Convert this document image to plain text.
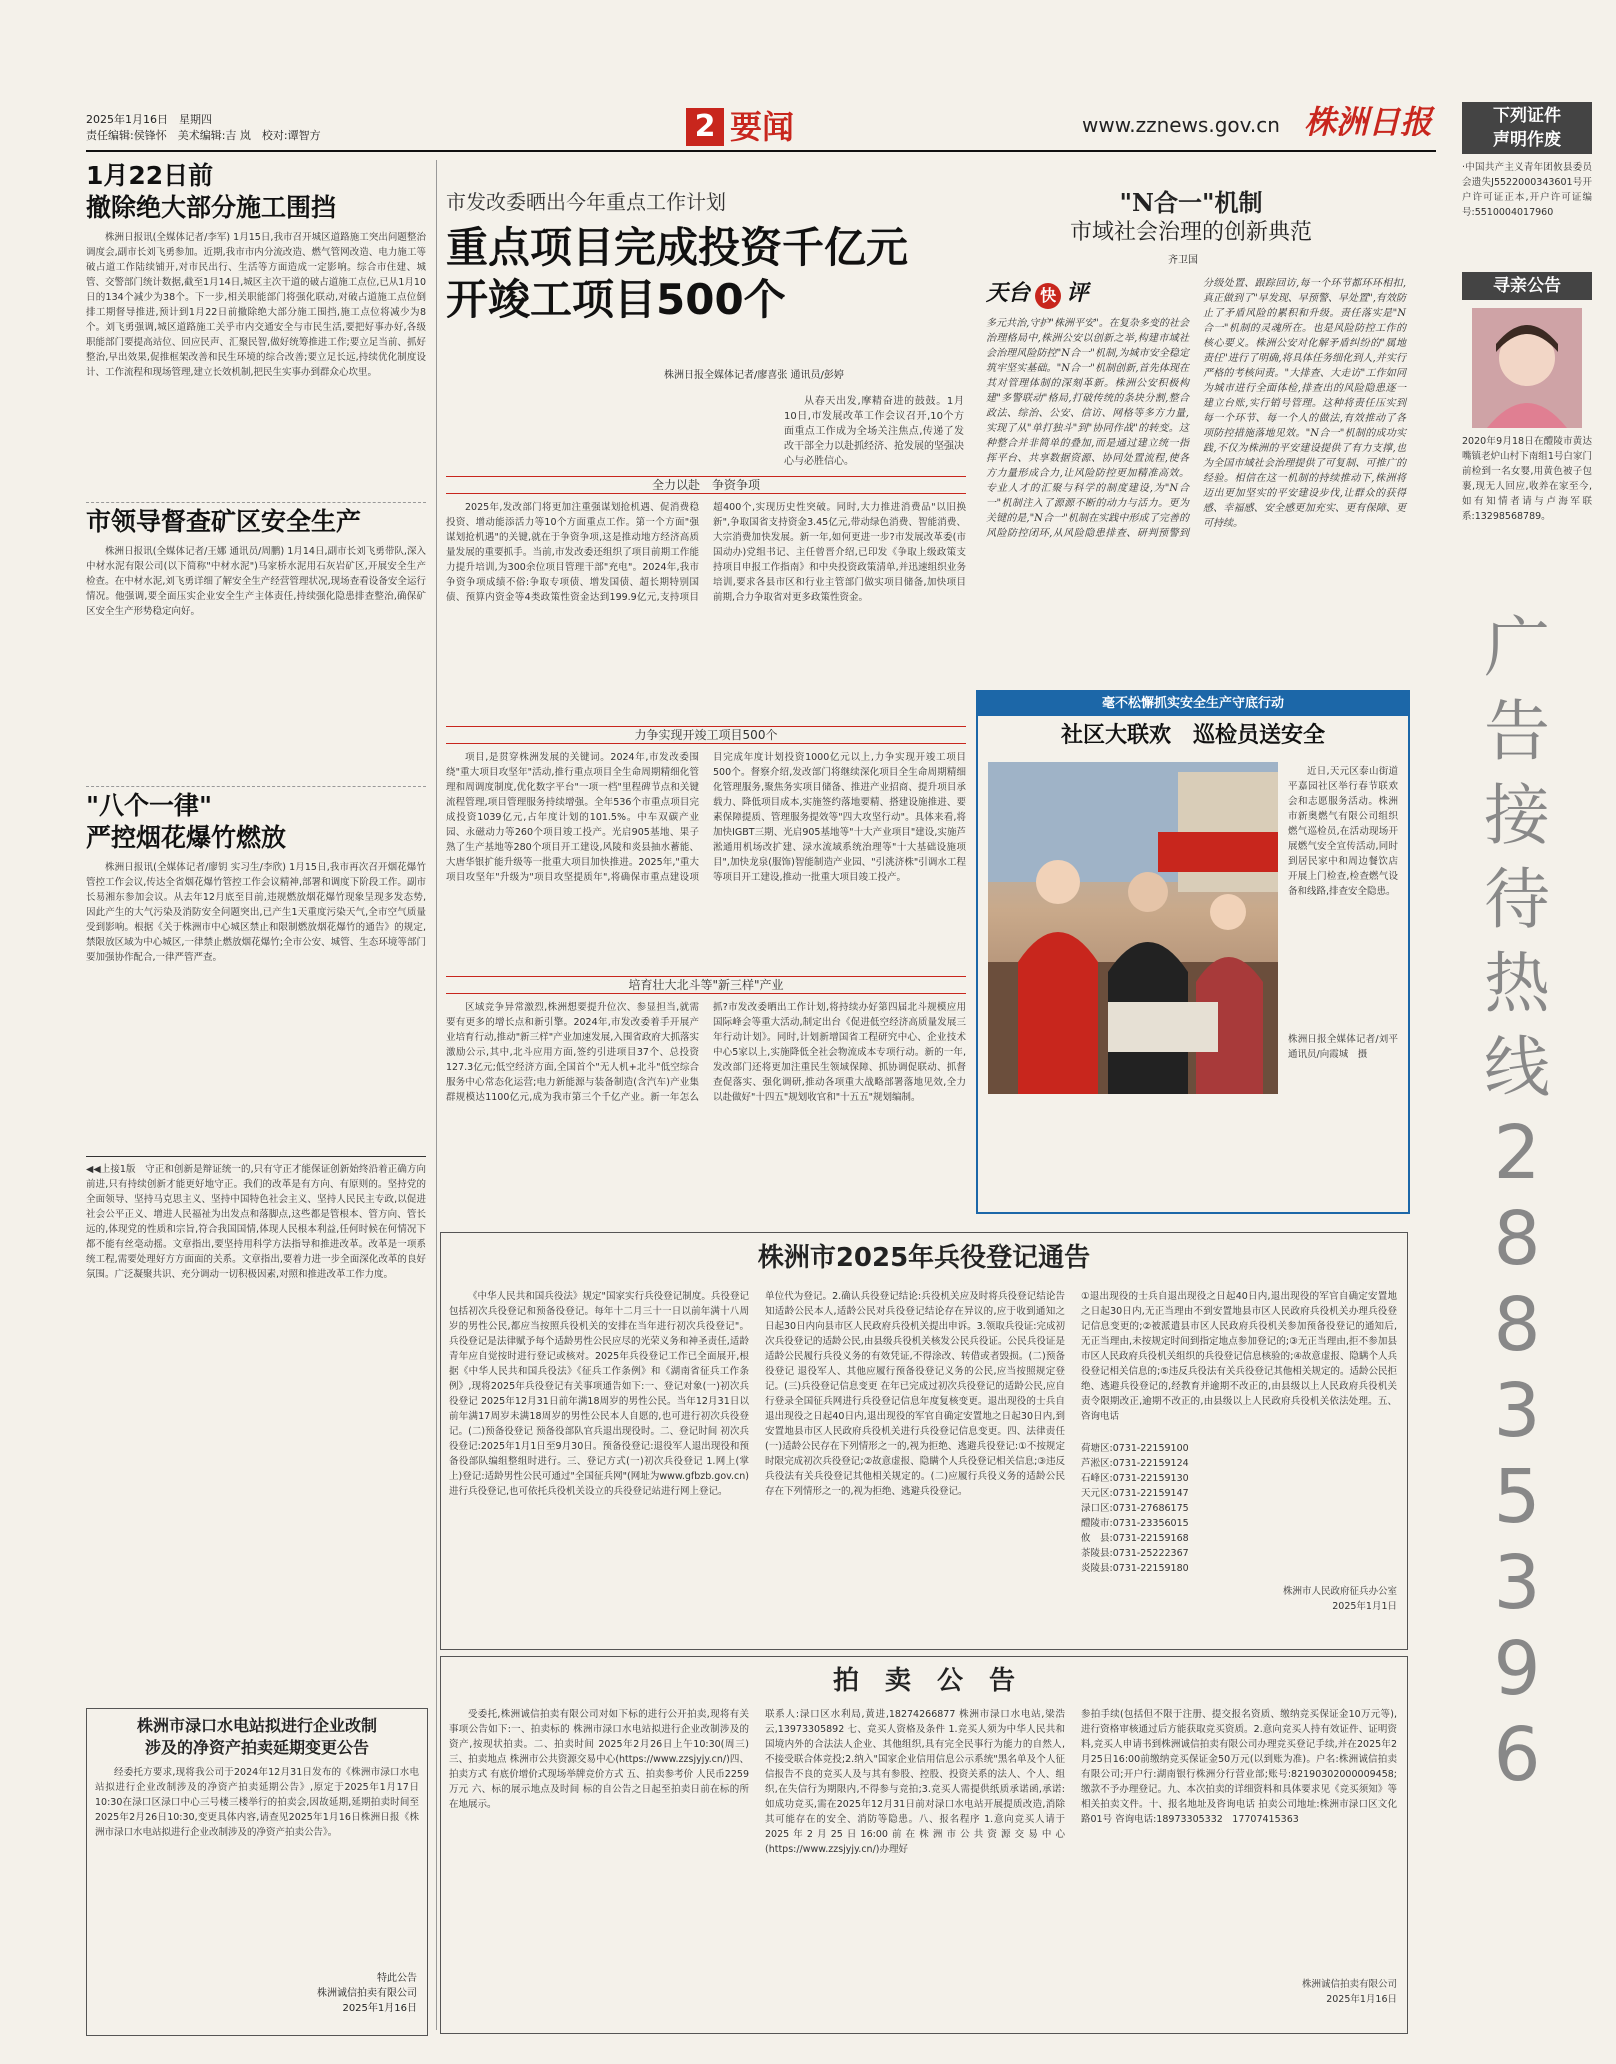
2025年1月16日　星期四
责任编辑:侯锋怀　美术编辑:吉 岚　校对:谭智方	2 要闻	www.zznews.gov.cn 株洲日报
1月22日前
撤除绝大部分施工围挡
株洲日报讯(全媒体记者/李军) 1月15日,我市召开城区道路施工突出问题整治调度会,副市长刘飞勇参加。近期,我市市内分流改造、燃气管网改造、电力施工等破占道工作陆续铺开,对市民出行、生活等方面造成一定影响。综合市住建、城管、交警部门统计数据,截至1月14日,城区主次干道的破占道施工点位,已从1月10日的134个减少为38个。下一步,相关职能部门将强化联动,对破占道施工点位倒排工期督导推进,预计到1月22日前撤除绝大部分施工围挡,施工点位将减少为8个。刘飞勇强调,城区道路施工关乎市内交通安全与市民生活,要把好事办好,各级职能部门要提高站位、回应民声、汇聚民智,做好统筹推进工作;要立足当前、抓好整治,早出效果,促推框架改善和民生环境的综合改善;要立足长远,持续优化制度设计、工作流程和现场管理,建立长效机制,把民生实事办到群众心坎里。
市领导督查矿区安全生产
株洲日报讯(全媒体记者/王娜 通讯员/周鹏) 1月14日,副市长刘飞勇带队,深入中材水泥有限公司(以下简称"中材水泥")马家桥水泥用石灰岩矿区,开展安全生产检查。在中材水泥,刘飞勇详细了解安全生产经营管理状况,现场查看设备安全运行情况。他强调,要全面压实企业安全生产主体责任,持续强化隐患排查整治,确保矿区安全生产形势稳定向好。
"八个一律"
严控烟花爆竹燃放
株洲日报讯(全媒体记者/廖钥 实习生/李欣) 1月15日,我市再次召开烟花爆竹管控工作会议,传达全省烟花爆竹管控工作会议精神,部署和调度下阶段工作。副市长易湘东参加会议。从去年12月底至目前,违规燃放烟花爆竹现象呈现多发态势,因此产生的大气污染及消防安全问题突出,已产生1天重度污染天气,全市空气质量受到影响。根据《关于株洲市中心城区禁止和限制燃放烟花爆竹的通告》的规定,禁限放区域为中心城区,一律禁止燃放烟花爆竹;全市公安、城管、生态环境等部门要加强协作配合,一律严管严查。
◀◀上接1版　守正和创新是辩证统一的,只有守正才能保证创新始终沿着正确方向前进,只有持续创新才能更好地守正。我们的改革是有方向、有原则的。坚持党的全面领导、坚持马克思主义、坚持中国特色社会主义、坚持人民民主专政,以促进社会公平正义、增进人民福祉为出发点和落脚点,这些都是管根本、管方向、管长远的,体现党的性质和宗旨,符合我国国情,体现人民根本利益,任何时候在何情况下都不能有丝毫动摇。文章指出,要坚持用科学方法指导和推进改革。改革是一项系统工程,需要处理好方方面面的关系。文章指出,要着力进一步全面深化改革的良好氛围。广泛凝聚共识、充分调动一切积极因素,对照和推进改革工作力度。
株洲市渌口水电站拟进行企业改制
涉及的净资产拍卖延期变更公告
经委托方要求,现将我公司于2024年12月31日发布的《株洲市渌口水电站拟进行企业改制涉及的净资产拍卖延期公告》,原定于2025年1月17日10:30在渌口区渌口中心三号楼三楼举行的拍卖会,因故延期,延期拍卖时间至2025年2月26日10:30,变更具体内容,请查见2025年1月16日株洲日报《株洲市渌口水电站拟进行企业改制涉及的净资产拍卖公告》。
特此公告
株洲诚信拍卖有限公司
2025年1月16日
市发改委晒出今年重点工作计划
重点项目完成投资千亿元
开竣工项目500个
株洲日报全媒体记者/廖喜张 通讯员/彭婷
从春天出发,摩精奋进的鼓鼓。1月10日,市发展改革工作会议召开,10个方面重点工作成为全场关注焦点,传递了发改干部全力以赴抓经济、抢发展的坚强决心与必胜信心。
全力以赴　争资争项
2025年,发改部门将更加注重强谋划抢机遇、促消费稳投资、增动能添活力等10个方面重点工作。第一个方面"强谋划抢机遇"的关键,就在于争资争项,这是推动地方经济高质量发展的重要抓手。当前,市发改委还组织了项目前期工作能力提升培训,为300余位项目管理干部"充电"。2024年,我市争资争项成绩不俗:争取专项债、增发国债、超长期特别国债、预算内资金等4类政策性资金达到199.9亿元,支持项目超400个,实现历史性突破。同时,大力推进消费品"以旧换新",争取国省支持资金3.45亿元,带动绿色消费、智能消费、大宗消费加快发展。新一年,如何更进一步?市发展改革委(市国动办)党组书记、主任曾晋介绍,已印发《争取上级政策支持项目申报工作指南》和中央投资政策清单,并迅速组织业务培训,要求各县市区和行业主管部门做实项目储备,加快项目前期,合力争取省对更多政策性资金。
力争实现开竣工项目500个
项目,是贯穿株洲发展的关键词。2024年,市发改委围绕"重大项目攻坚年"活动,推行重点项目全生命周期精细化管理和周调度制度,优化数字平台"一项一档"里程碑节点和关键流程管理,项目管理服务持续增强。全年536个市重点项目完成投资1039亿元,占年度计划的101.5%。中车双碳产业园、永磁动力等260个项目竣工投产。光启905基地、果子熟了生产基地等280个项目开工建设,风陵和炎县抽水蓄能、大唐华银扩能升级等一批重大项目加快推进。2025年,"重大项目攻坚年"升级为"项目攻坚提质年",将确保市重点建设项目完成年度计划投资1000亿元以上,力争实现开竣工项目500个。督察介绍,发改部门将继续深化项目全生命周期精细化管理服务,聚焦务实项目储备、推进产业招商、提升项目承载力、降低项目成本,实施签约落地要精、搭建设施推进、要素保障提质、管理服务提效等"四大攻坚行动"。具体来看,将加快IGBT三期、光启905基地等"十大产业项目"建设,实施芦淞通用机场改扩建、渌水流域系统治理等"十大基础设施项目",加快龙泉(服饰)智能制造产业园、"引洮济株"引调水工程等项目开工建设,推动一批重大项目竣工投产。
培育壮大北斗等"新三样"产业
区域竞争异常激烈,株洲想要提升位次、参显担当,就需要有更多的增长点和新引擎。2024年,市发改委着手开展产业培育行动,推动"新三样"产业加速发展,入围省政府大抓落实激励公示,其中,北斗应用方面,签约引进项目37个、总投资127.3亿元;低空经济方面,全国首个"无人机+北斗"低空综合服务中心常态化运营;电力新能源与装备制造(含汽车)产业集群规模达1100亿元,成为我市第三个千亿产业。新一年怎么抓?市发改委晒出工作计划,将持续办好第四届北斗规模应用国际峰会等重大活动,制定出台《促进低空经济高质量发展三年行动计划》。同时,计划新增国省工程研究中心、企业技术中心5家以上,实施降低全社会物流成本专项行动。新的一年,发改部门还将更加注重民生领域保障、抓协调促联动、抓督查促落实、强化调研,推动各项重大战略部署落地见效,全力以赴做好"十四五"规划收官和"十五五"规划编制。
"N合一"机制
市域社会治理的创新典范
齐卫国
天台 快 评
多元共治,守护"株洲平安"。在复杂多变的社会治理格局中,株洲公安以创新之举,构建市域社会治理风险防控"N合一"机制,为城市安全稳定筑牢坚实基础。"N合一"机制创新,首先体现在其对管理体制的深刻革新。株洲公安积极构建"多警联动"格局,打破传统的条块分割,整合政法、综治、公安、信访、网格等多方力量,实现了从"单打独斗"到"协同作战"的转变。这种整合并非简单的叠加,而是通过建立统一指挥平台、共享数据资源、协同处置流程,使各方力量形成合力,让风险防控更加精准高效。专业人才的汇聚与科学的制度建设,为"N合一"机制注入了源源不断的动力与活力。更为关键的是,"N合一"机制在实践中形成了完善的风险防控闭环,从风险隐患排查、研判预警到分级处置、跟踪回访,每一个环节都环环相扣,真正做到了"早发现、早预警、早处置",有效防止了矛盾风险的累积和升级。责任落实是"N合一"机制的灵魂所在。也是风险防控工作的核心要义。株洲公安对化解矛盾纠纷的"属地责任"进行了明确,将具体任务细化到人,并实行严格的考核问责。"大排查、大走访"工作如同为城市进行全面体检,排查出的风险隐患逐一建立台账,实行销号管理。这种将责任压实到每一个环节、每一个人的做法,有效推动了各项防控措施落地见效。"N合一"机制的成功实践,不仅为株洲的平安建设提供了有力支撑,也为全国市域社会治理提供了可复制、可推广的经验。相信在这一机制的持续推动下,株洲将迈出更加坚实的平安建设步伐,让群众的获得感、幸福感、安全感更加充实、更有保障、更可持续。
毫不松懈抓实安全生产守底行动
社区大联欢　巡检员送安全
近日,天元区泰山街道平嘉园社区举行春节联欢会和志愿服务活动。株洲市新奥燃气有限公司组织燃气巡检员,在活动现场开展燃气安全宣传活动,同时到居民家中和周边餐饮店开展上门检查,检查燃气设备和线路,排查安全隐患。
株洲日报全媒体记者/刘平　通讯员/向霞城　摄
下列证件
声明作废
·中国共产主义青年团攸县委员会遗失J5522000343601号开户许可证正本,开户许可证编号:5510004017960
寻亲公告
2020年9月18日在醴陵市黄达嘴镇老炉山村下南组1号白家门前检到一名女婴,用黄色被子包裹,现无人回应,收养在家至今,如有知情者请与卢海军联系:13298568789。
广告接待热线
28835396
株洲市2025年兵役登记通告
《中华人民共和国兵役法》规定"国家实行兵役登记制度。兵役登记包括初次兵役登记和预备役登记。每年十二月三十一日以前年满十八周岁的男性公民,都应当按照兵役机关的安排在当年进行初次兵役登记"。兵役登记是法律赋予每个适龄男性公民应尽的光荣义务和神圣责任,适龄青年应自觉按时进行登记或核对。2025年兵役登记工作已全面展开,根据《中华人民共和国兵役法》《征兵工作条例》和《湖南省征兵工作条例》,现将2025年兵役登记有关事项通告如下:一、登记对象(一)初次兵役登记 2025年12月31日前年满18周岁的男性公民。当年12月31日以前年满17周岁未满18周岁的男性公民本人自愿的,也可进行初次兵役登记。(二)预备役登记 预备役部队官兵退出现役时。二、登记时间 初次兵役登记:2025年1月1日至9月30日。预备役登记:退役军人退出现役和预备役部队编组整组时进行。三、登记方式(一)初次兵役登记 1.网上(掌上)登记:适龄男性公民可通过"全国征兵网"(网址为www.gfbzb.gov.cn)进行兵役登记,也可依托兵役机关设立的兵役登记站进行网上登记。
单位代为登记。2.确认兵役登记结论:兵役机关应及时将兵役登记结论告知适龄公民本人,适龄公民对兵役登记结论存在异议的,应于收到通知之日起30日内向县市区人民政府兵役机关提出申诉。3.领取兵役证:完成初次兵役登记的适龄公民,由县级兵役机关核发公民兵役证。公民兵役证是适龄公民履行兵役义务的有效凭证,不得涂改、转借或者毁损。(二)预备役登记 退役军人、其他应履行预备役登记义务的公民,应当按照规定登记。(三)兵役登记信息变更 在年已完成过初次兵役登记的适龄公民,应自行登录全国征兵网进行兵役登记信息年度复核变更。退出现役的士兵自退出现役之日起40日内,退出现役的军官自确定安置地之日起30日内,到安置地县市区人民政府兵役机关进行兵役登记信息变更。四、法律责任 (一)适龄公民存在下列情形之一的,视为拒绝、逃避兵役登记:①不按规定时限完成初次兵役登记;②故意虚报、隐瞒个人兵役登记相关信息;③违反兵役法有关兵役登记其他相关规定的。(二)应履行兵役义务的适龄公民存在下列情形之一的,视为拒绝、逃避兵役登记。
①退出现役的士兵自退出现役之日起40日内,退出现役的军官自确定安置地之日起30日内,无正当理由不到安置地县市区人民政府兵役机关办理兵役登记信息变更的;②被派遣县市区人民政府兵役机关参加预备役登记的通知后,无正当理由,未按规定时间到指定地点参加登记的;③无正当理由,拒不参加县市区人民政府兵役机关组织的兵役登记信息核验的;④故意虚报、隐瞒个人兵役登记相关信息的;⑤违反兵役法有关兵役登记其他相关规定的。适龄公民拒绝、逃避兵役登记的,经教育并逾期不改正的,由县级以上人民政府兵役机关责令限期改正,逾期不改正的,由县级以上人民政府兵役机关依法处理。五、咨询电话
荷塘区:0731-22159100
芦淞区:0731-22159124
石峰区:0731-22159130
天元区:0731-22159147
渌口区:0731-27686175
醴陵市:0731-23356015
攸　县:0731-22159168
茶陵县:0731-25222367
炎陵县:0731-22159180
株洲市人民政府征兵办公室
2025年1月1日
拍　卖　公　告
受委托,株洲诚信拍卖有限公司对如下标的进行公开拍卖,现将有关事项公告如下:一、拍卖标的 株洲市渌口水电站拟进行企业改制涉及的资产,按现状拍卖。二、拍卖时间 2025年2月26日上午10:30(周三)三、拍卖地点 株洲市公共资源交易中心(https://www.zzsjyjy.cn/)四、拍卖方式 有底价增价式现场举牌竞价方式 五、拍卖参考价 人民币2259万元 六、标的展示地点及时间 标的自公告之日起至拍卖日前在标的所在地展示。
联系人:渌口区水利局,黄进,18274266877 株洲市渌口水电站,梁浩云,13973305892 七、竞买人资格及条件 1.竞买人须为中华人民共和国境内外的合法法人企业、其他组织,具有完全民事行为能力的自然人,不接受联合体竞投;2.纳入"国家企业信用信息公示系统"黑名单及个人征信报告不良的竞买人及与其有参股、控股、投资关系的法人、个人、组织,在失信行为期限内,不得参与竞拍;3.竞买人需提供纸质承诺函,承诺:如成功竞买,需在2025年12月31日前对渌口水电站开展提质改造,消除其可能存在的安全、消防等隐患。八、报名程序 1.意向竞买人请于2025年2月25日16:00前在株洲市公共资源交易中心(https://www.zzsjyjy.cn/)办理好
参拍手续(包括但不限于注册、提交报名资质、缴纳竞买保证金10万元等),进行资格审核通过后方能获取竞买资质。2.意向竞买人持有效证件、证明资料,竞买人申请书到株洲诚信拍卖有限公司办理竞买登记手续,并在2025年2月25日16:00前缴纳竞买保证金50万元(以到账为准)。户名:株洲诚信拍卖有限公司;开户行:湖南银行株洲分行营业部;账号:82190302000009458;缴款不予办理登记。九、本次拍卖的详细资料和具体要求见《竞买须知》等相关拍卖文件。十、报名地址及咨询电话 拍卖公司地址:株洲市渌口区文化路01号 咨询电话:18973305332　17707415363
株洲诚信拍卖有限公司
2025年1月16日
